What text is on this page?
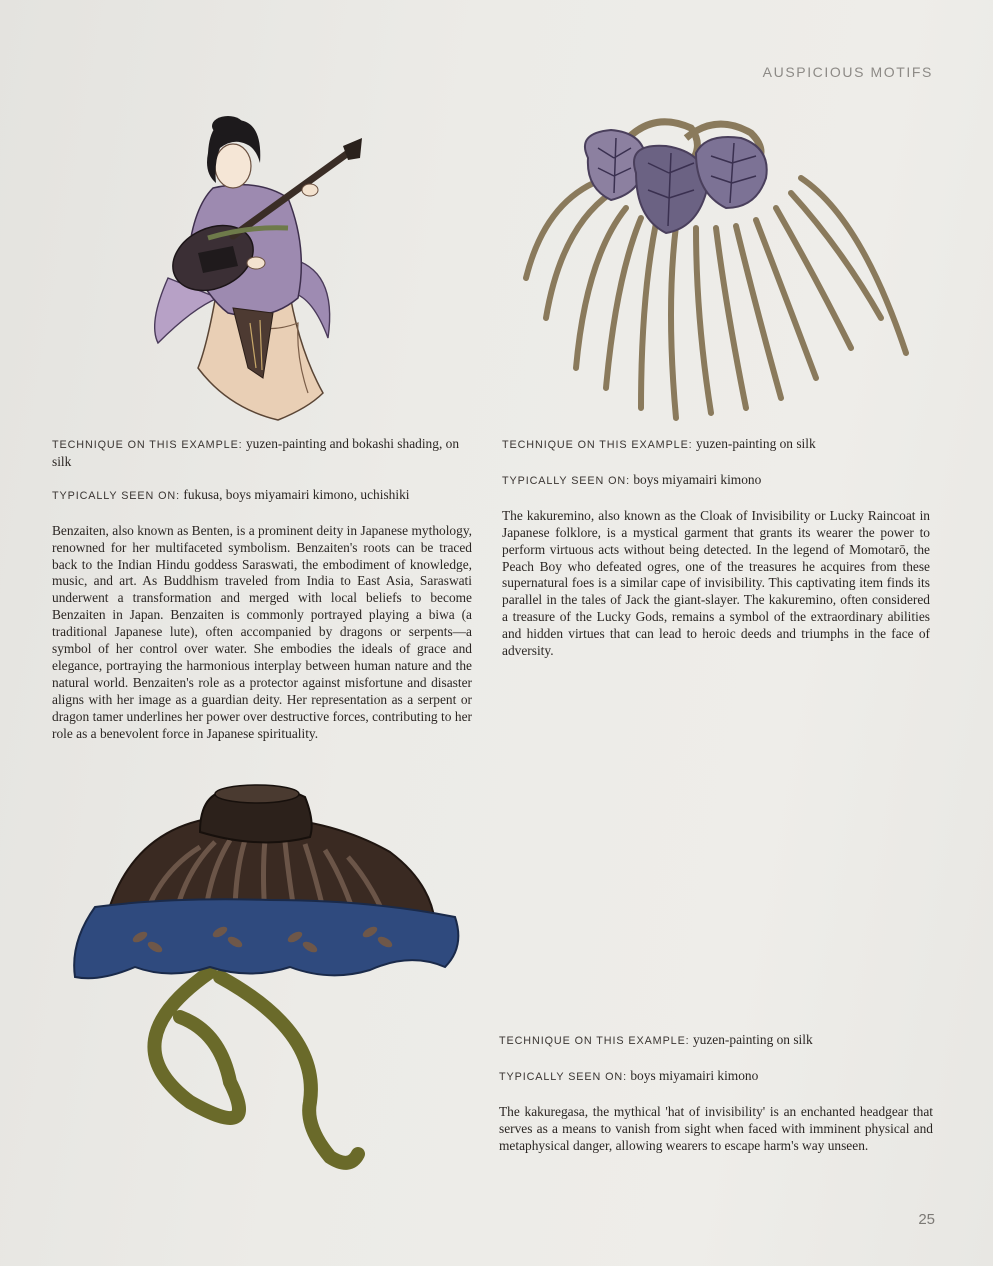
AUSPICIOUS MOTIFS

TECHNIQUE ON THIS EXAMPLE: yuzen-painting and bokashi shading, on silk

TYPICALLY SEEN ON: fukusa, boys miyamairi kimono, uchishiki

Benzaiten, also known as Benten, is a prominent deity in Japanese mythology, renowned for her multifaceted symbolism. Benzaiten's roots can be traced back to the Indian Hindu goddess Saraswati, the embodiment of knowledge, music, and art. As Buddhism traveled from India to East Asia, Saraswati underwent a transformation and merged with local beliefs to become Benzaiten in Japan. Benzaiten is commonly portrayed playing a biwa (a traditional Japanese lute), often accompanied by dragons or serpents—a symbol of her control over water. She embodies the ideals of grace and elegance, portraying the harmonious interplay between human nature and the natural world. Benzaiten's role as a protector against misfortune and disaster aligns with her image as a guardian deity. Her representation as a serpent or dragon tamer underlines her power over destructive forces, contributing to her role as a benevolent force in Japanese spirituality.

TECHNIQUE ON THIS EXAMPLE: yuzen-painting on silk

TYPICALLY SEEN ON: boys miyamairi kimono

The kakuremino, also known as the Cloak of Invisibility or Lucky Raincoat in Japanese folklore, is a mystical garment that grants its wearer the power to perform virtuous acts without being detected. In the legend of Momotarō, the Peach Boy who defeated ogres, one of the treasures he acquires from these supernatural foes is a similar cape of invisibility. This captivating item finds its parallel in the tales of Jack the giant-slayer. The kakuremino, often considered a treasure of the Lucky Gods, remains a symbol of the extraordinary abilities and hidden virtues that can lead to heroic deeds and triumphs in the face of adversity.

TECHNIQUE ON THIS EXAMPLE: yuzen-painting on silk

TYPICALLY SEEN ON: boys miyamairi kimono

The kakuregasa, the mythical 'hat of invisibility' is an enchanted headgear that serves as a means to vanish from sight when faced with imminent physical and metaphysical danger, allowing wearers to escape harm's way unseen.

25
